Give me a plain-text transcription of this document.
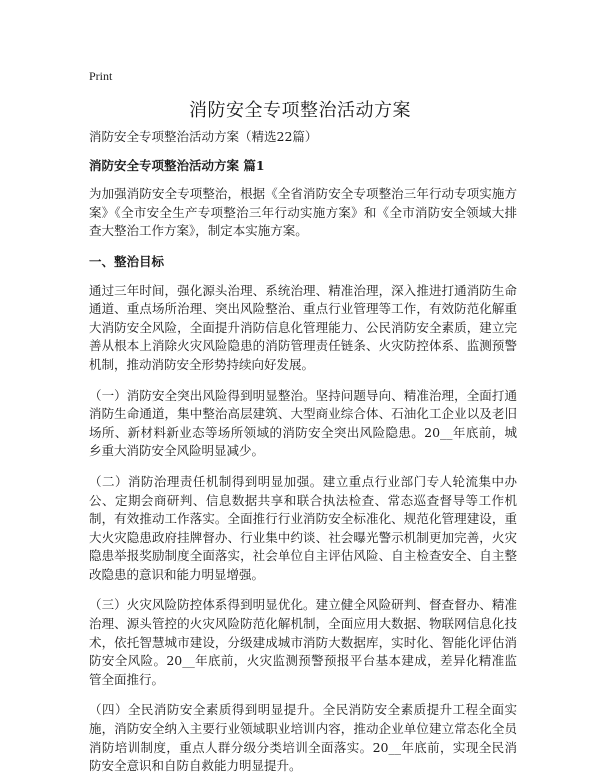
Print
消防安全专项整治活动方案

消防安全专项整治活动方案（精选22篇）

消防安全专项整治活动方案 篇1

为加强消防安全专项整治，根据《全省消防安全专项整治三年行动专项实施方案》《全市安全生产专项整治三年行动实施方案》和《全市消防安全领域大排查大整治工作方案》，制定本实施方案。

一、整治目标

通过三年时间，强化源头治理、系统治理、精准治理，深入推进打通消防生命通道、重点场所治理、突出风险整治、重点行业管理等工作，有效防范化解重大消防安全风险，全面提升消防信息化管理能力、公民消防安全素质，建立完善从根本上消除火灾风险隐患的消防管理责任链条、火灾防控体系、监测预警机制，推动消防安全形势持续向好发展。

（一）消防安全突出风险得到明显整治。坚持问题导向、精准治理，全面打通消防生命通道，集中整治高层建筑、大型商业综合体、石油化工企业以及老旧场所、新材料新业态等场所领域的消防安全突出风险隐患。20__年底前，城乡重大消防安全风险明显减少。

（二）消防治理责任机制得到明显加强。建立重点行业部门专人轮流集中办公、定期会商研判、信息数据共享和联合执法检查、常态巡查督导等工作机制，有效推动工作落实。全面推行行业消防安全标准化、规范化管理建设，重大火灾隐患政府挂牌督办、行业集中约谈、社会曝光警示机制更加完善，火灾隐患举报奖励制度全面落实，社会单位自主评估风险、自主检查安全、自主整改隐患的意识和能力明显增强。

（三）火灾风险防控体系得到明显优化。建立健全风险研判、督查督办、精准治理、源头管控的火灾风险防范化解机制，全面应用大数据、物联网信息化技术，依托智慧城市建设，分级建成城市消防大数据库，实时化、智能化评估消防安全风险。20__年底前，火灾监测预警预报平台基本建成，差异化精准监管全面推行。

（四）全民消防安全素质得到明显提升。全民消防安全素质提升工程全面实施，消防安全纳入主要行业领域职业培训内容，推动企业单位建立常态化全员消防培训制度，重点人群分级分类培训全面落实。20__年底前，实现全民消防安全意识和自防自救能力明显提升。
